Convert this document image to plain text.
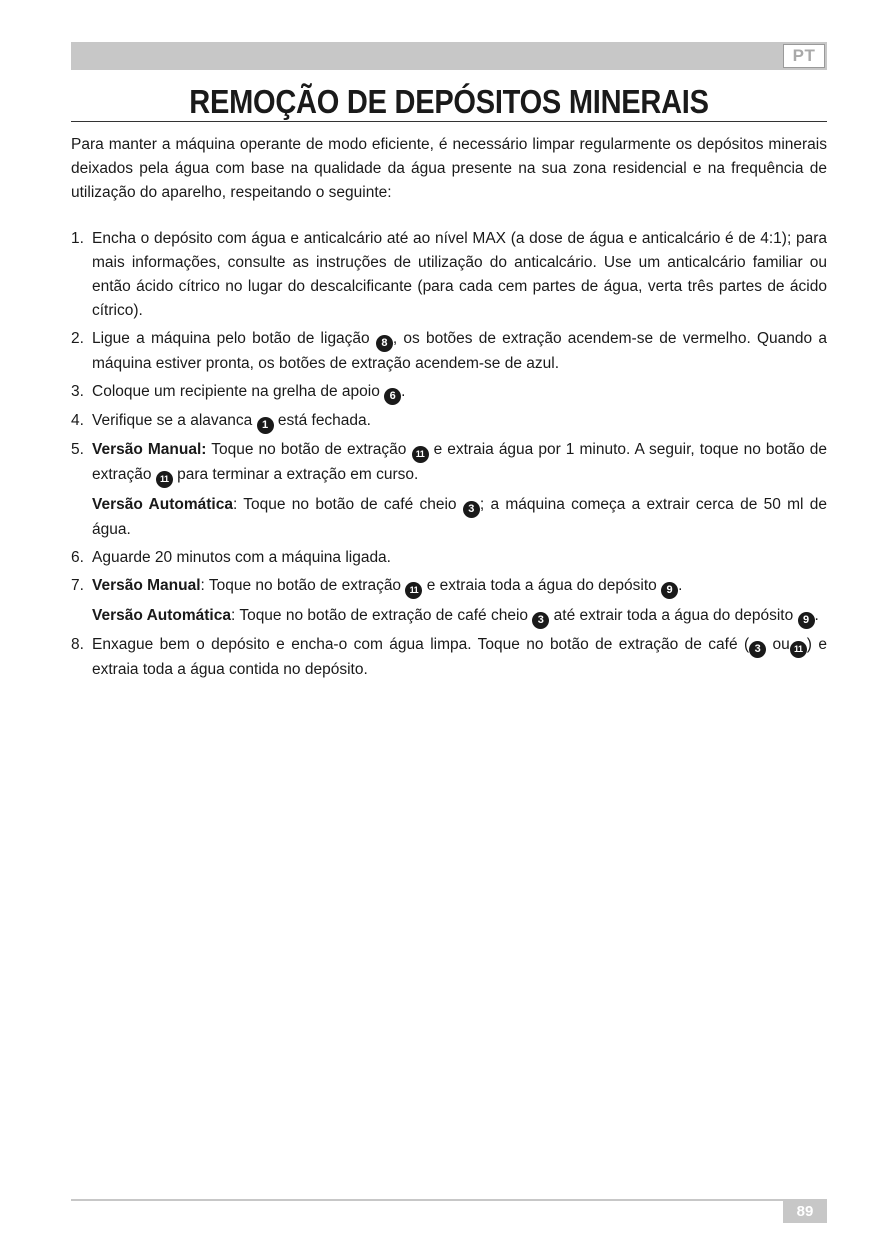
PT
REMOÇÃO DE DEPÓSITOS MINERAIS

Para manter a máquina operante de modo eficiente, é necessário limpar regularmente os depósitos minerais deixados pela água com base na qualidade da água presente na sua zona residencial e na frequência de utilização do aparelho, respeitando o seguinte:

1. Encha o depósito com água e anticalcário até ao nível MAX (a dose de água e anticalcário é de 4:1); para mais informações, consulte as instruções de utilização do anticalcário. Use um anticalcário familiar ou então ácido cítrico no lugar do descalcificante (para cada cem partes de água, verta três partes de ácido cítrico).
2. Ligue a máquina pelo botão de ligação 8 , os botões de extração acendem-se de vermelho. Quando a máquina estiver pronta, os botões de extração acendem-se de azul.
3. Coloque um recipiente na grelha de apoio 6 .
4. Verifique se a alavanca 1 está fechada.
5. Versão Manual: Toque no botão de extração 11 e extraia água por 1 minuto. A seguir, toque no botão de extração 11 para terminar a extração em curso.
Versão Automática: Toque no botão de café cheio 3 ; a máquina começa a extrair cerca de 50 ml de água.
6. Aguarde 20 minutos com a máquina ligada.
7. Versão Manual: Toque no botão de extração 11 e extraia toda a água do depósito 9 .
Versão Automática: Toque no botão de extração de café cheio 3 até extrair toda a água do depósito 9 .
8. Enxague bem o depósito e encha-o com água limpa. Toque no botão de extração de café ( 3 ou 11 ) e extraia toda a água contida no depósito.
89
